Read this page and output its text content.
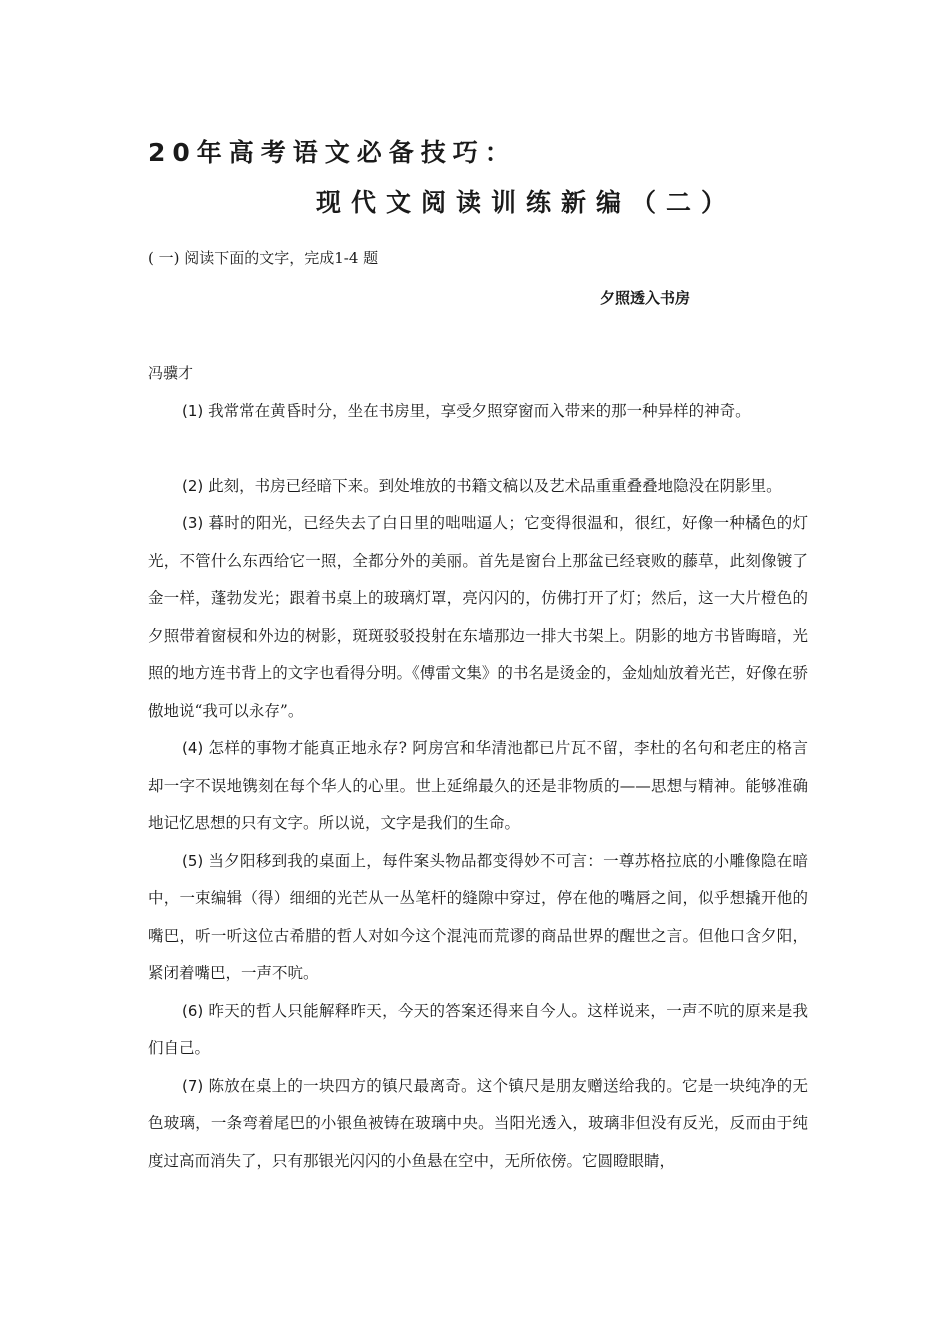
20年高考语文必备技巧：
现代文阅读训练新编（二）
( 一) 阅读下面的文字，完成1-4 题
夕照透入书房
冯骥才

(1) 我常常在黄昏时分，坐在书房里，享受夕照穿窗而入带来的那一种异样的神奇。

(2) 此刻，书房已经暗下来。到处堆放的书籍文稿以及艺术品重重叠叠地隐没在阴影里。

(3) 暮时的阳光，已经失去了白日里的咄咄逼人；它变得很温和，很红，好像一种橘色的灯光，不管什么东西给它一照，全都分外的美丽。首先是窗台上那盆已经衰败的藤草，此刻像镀了金一样，蓬勃发光；跟着书桌上的玻璃灯罩，亮闪闪的，仿佛打开了灯；然后，这一大片橙色的夕照带着窗棂和外边的树影，斑斑驳驳投射在东墙那边一排大书架上。阴影的地方书皆晦暗，光照的地方连书背上的文字也看得分明。《傅雷文集》的书名是烫金的，金灿灿放着光芒，好像在骄傲地说“我可以永存”。

(4) 怎样的事物才能真正地永存? 阿房宫和华清池都已片瓦不留，李杜的名句和老庄的格言却一字不误地镌刻在每个华人的心里。世上延绵最久的还是非物质的——思想与精神。能够准确地记忆思想的只有文字。所以说，文字是我们的生命。

(5) 当夕阳移到我的桌面上，每件案头物品都变得妙不可言：一尊苏格拉底的小雕像隐在暗中，一束编辑（得）细细的光芒从一丛笔杆的缝隙中穿过，停在他的嘴唇之间，似乎想撬开他的嘴巴，听一听这位古希腊的哲人对如今这个混沌而荒谬的商品世界的醒世之言。但他口含夕阳，紧闭着嘴巴，一声不吭。

(6) 昨天的哲人只能解释昨天，今天的答案还得来自今人。这样说来，一声不吭的原来是我们自己。

(7) 陈放在桌上的一块四方的镇尺最离奇。这个镇尺是朋友赠送给我的。它是一块纯净的无色玻璃，一条弯着尾巴的小银鱼被铸在玻璃中央。当阳光透入，玻璃非但没有反光，反而由于纯度过高而消失了，只有那银光闪闪的小鱼悬在空中，无所依傍。它圆瞪眼睛，
